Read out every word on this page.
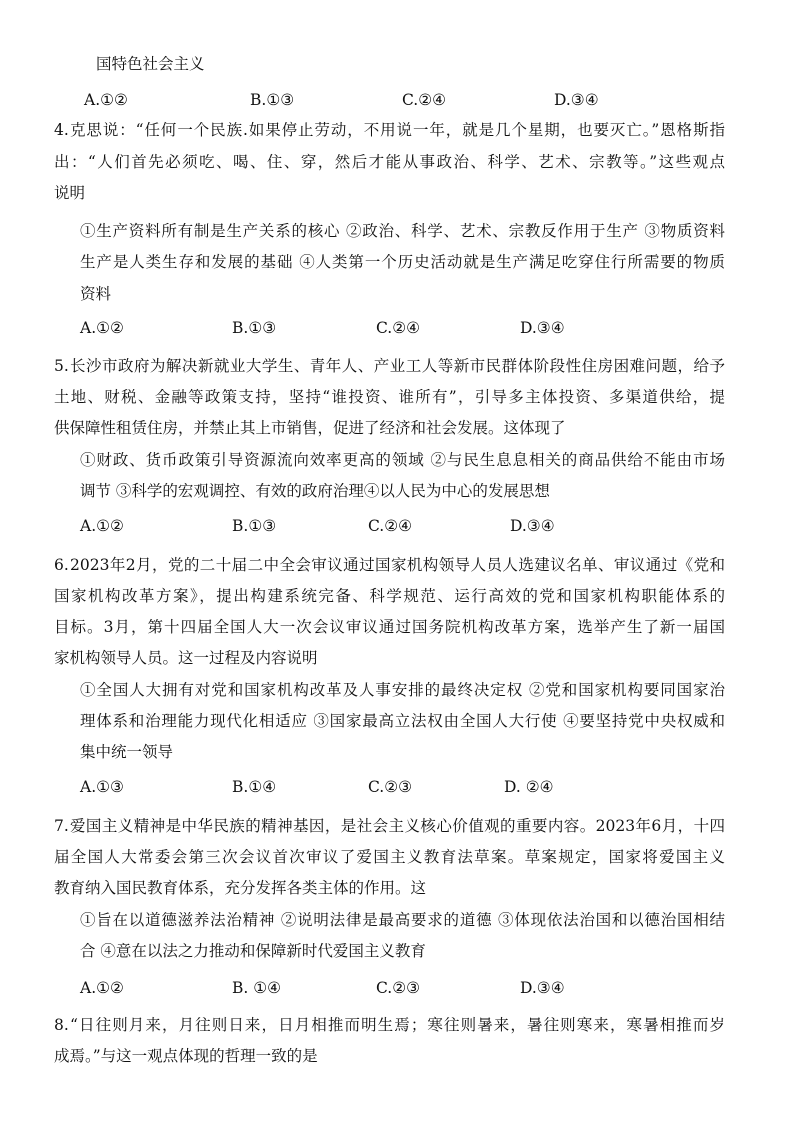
国特色社会主义
A.①②	B.①③	C.②④	D.③④
4. 克思说：“任何一个民族.如果停止劳动，不用说一年，就是几个星期，也要灭亡。”恩格斯指
出：“人们首先必须吃、喝、住、穿，然后才能从事政治、科学、艺术、宗教等。”这些观点
说明
①生产资料所有制是生产关系的核心 ②政治、科学、艺术、宗教反作用于生产 ③物质资料
生产是人类生存和发展的基础 ④人类第一个历史活动就是生产满足吃穿住行所需要的物质
资料
A.①②	B.①③	C.②④	D.③④
5. 长沙市政府为解决新就业大学生、青年人、产业工人等新市民群体阶段性住房困难问题，给予
土地、财税、金融等政策支持，坚持“谁投资、谁所有”，引导多主体投资、多渠道供给，提
供保障性租赁住房，并禁止其上市销售，促进了经济和社会发展。这体现了
①财政、货币政策引导资源流向效率更高的领域 ②与民生息息相关的商品供给不能由市场
调节 ③科学的宏观调控、有效的政府治理④以人民为中心的发展思想
A.①②	B.①③	C.②④	D.③④
6. 2023年2月，党的二十届二中全会审议通过国家机构领导人员人选建议名单、审议通过《党和
国家机构改革方案》，提出构建系统完备、科学规范、运行高效的党和国家机构职能体系的
目标。3月，第十四届全国人大一次会议审议通过国务院机构改革方案，选举产生了新一届国
家机构领导人员。这一过程及内容说明
①全国人大拥有对党和国家机构改革及人事安排的最终决定权 ②党和国家机构要同国家治
理体系和治理能力现代化相适应 ③国家最高立法权由全国人大行使 ④要坚持党中央权威和
集中统一领导
A.①③	B.①④	C.②③	D. ②④
7. 爱国主义精神是中华民族的精神基因，是社会主义核心价值观的重要内容。2023年6月，十四
届全国人大常委会第三次会议首次审议了爱国主义教育法草案。草案规定，国家将爱国主义
教育纳入国民教育体系，充分发挥各类主体的作用。这
①旨在以道德滋养法治精神 ②说明法律是最高要求的道德 ③体现依法治国和以德治国相结
合 ④意在以法之力推动和保障新时代爱国主义教育
A.①②	B. ①④	C.②③	D.③④
8. “日往则月来，月往则日来，日月相推而明生焉；寒往则暑来，暑往则寒来，寒暑相推而岁
成焉。”与这一观点体现的哲理一致的是
